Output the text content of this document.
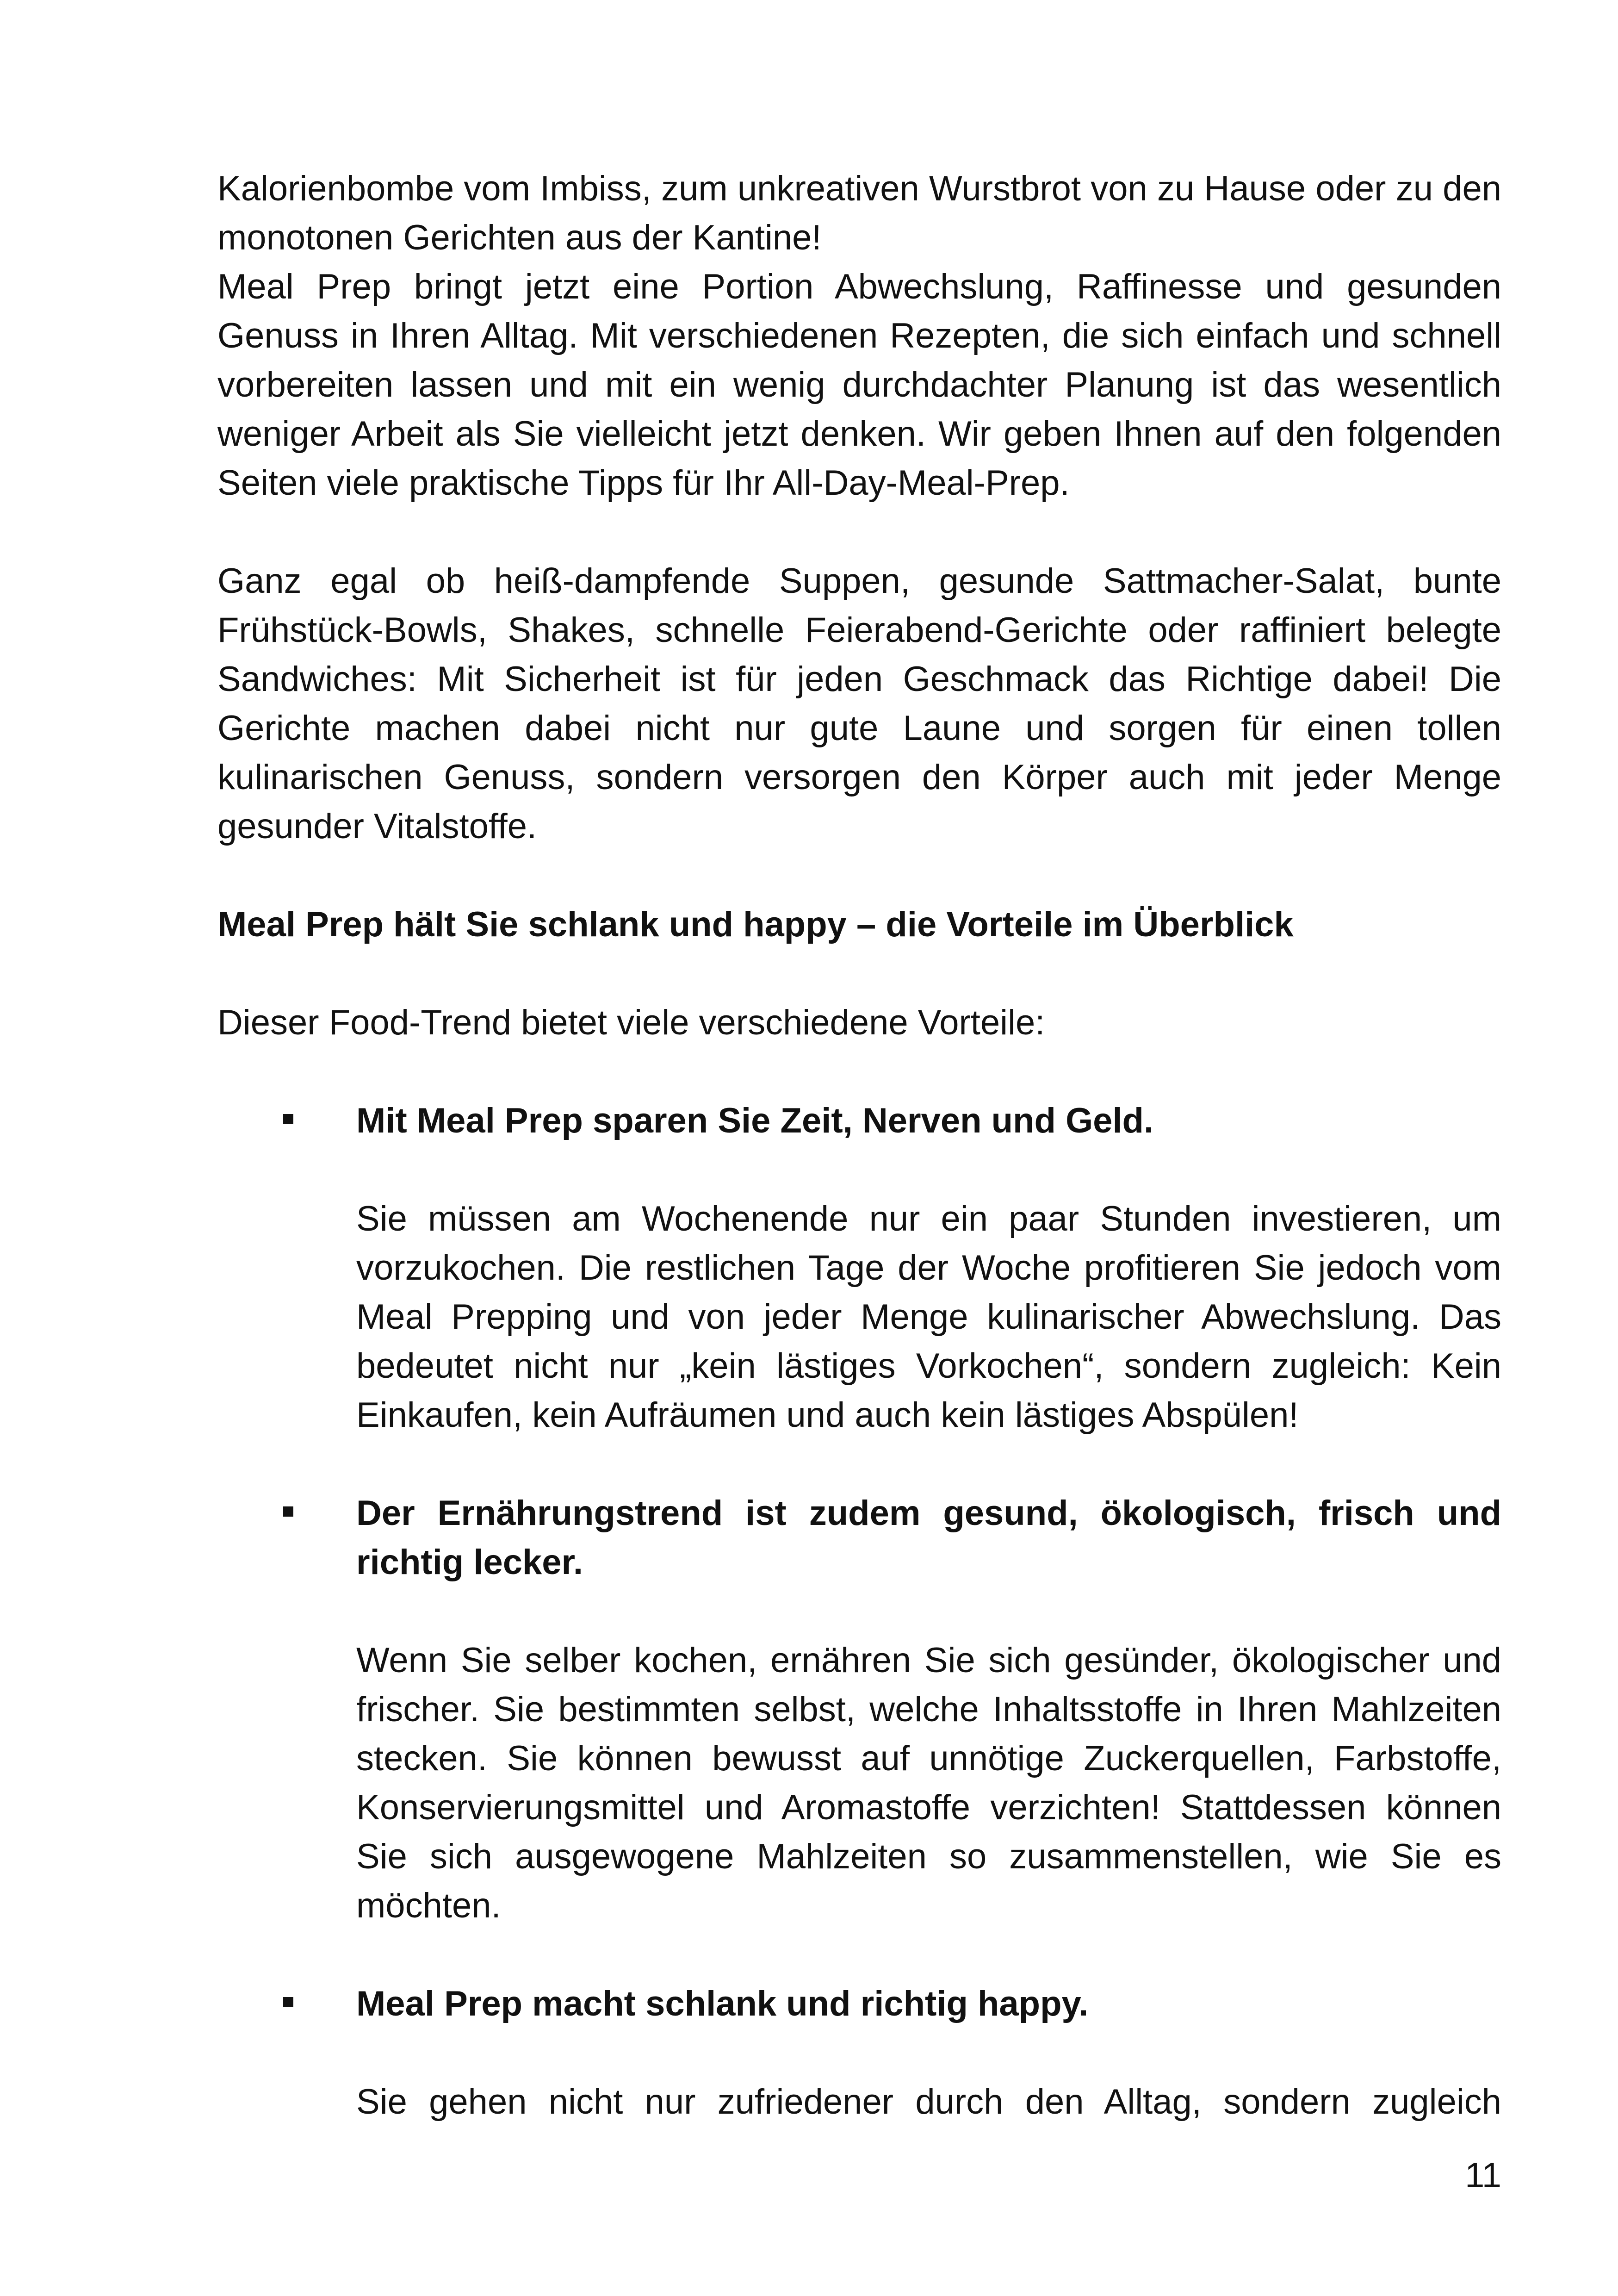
Kalorienbombe vom Imbiss, zum unkreativen Wurstbrot von zu Hause oder zu den monotonen Gerichten aus der Kantine!

Meal Prep bringt jetzt eine Portion Abwechslung, Raffinesse und gesunden Genuss in Ihren Alltag. Mit verschiedenen Rezepten, die sich einfach und schnell vorbereiten lassen und mit ein wenig durchdachter Planung ist das wesentlich weniger Arbeit als Sie vielleicht jetzt denken. Wir geben Ihnen auf den folgenden Seiten viele praktische Tipps für Ihr All-Day-Meal-Prep.

Ganz egal ob heiß-dampfende Suppen, gesunde Sattmacher-Salat, bunte Frühstück-Bowls, Shakes, schnelle Feierabend-Gerichte oder raffiniert belegte Sandwiches: Mit Sicherheit ist für jeden Geschmack das Richtige dabei! Die Gerichte machen dabei nicht nur gute Laune und sorgen für einen tollen kulinarischen Genuss, sondern versorgen den Körper auch mit jeder Menge gesunder Vitalstoffe.

Meal Prep hält Sie schlank und happy – die Vorteile im Überblick

Dieser Food-Trend bietet viele verschiedene Vorteile:

Mit Meal Prep sparen Sie Zeit, Nerven und Geld.

Sie müssen am Wochenende nur ein paar Stunden investieren, um vorzukochen. Die restlichen Tage der Woche profitieren Sie jedoch vom Meal Prepping und von jeder Menge kulinarischer Abwechslung. Das bedeutet nicht nur „kein lästiges Vorkochen“, sondern zugleich: Kein Einkaufen, kein Aufräumen und auch kein lästiges Abspülen!

Der Ernährungstrend ist zudem gesund, ökologisch, frisch und richtig lecker.

Wenn Sie selber kochen, ernähren Sie sich gesünder, ökologischer und frischer. Sie bestimmten selbst, welche Inhaltsstoffe in Ihren Mahlzeiten stecken. Sie können bewusst auf unnötige Zuckerquellen, Farbstoffe, Konservierungsmittel und Aromastoffe verzichten! Stattdessen können Sie sich ausgewogene Mahlzeiten so zusammenstellen, wie Sie es möchten.

Meal Prep macht schlank und richtig happy.

Sie gehen nicht nur zufriedener durch den Alltag, sondern zugleich

11
